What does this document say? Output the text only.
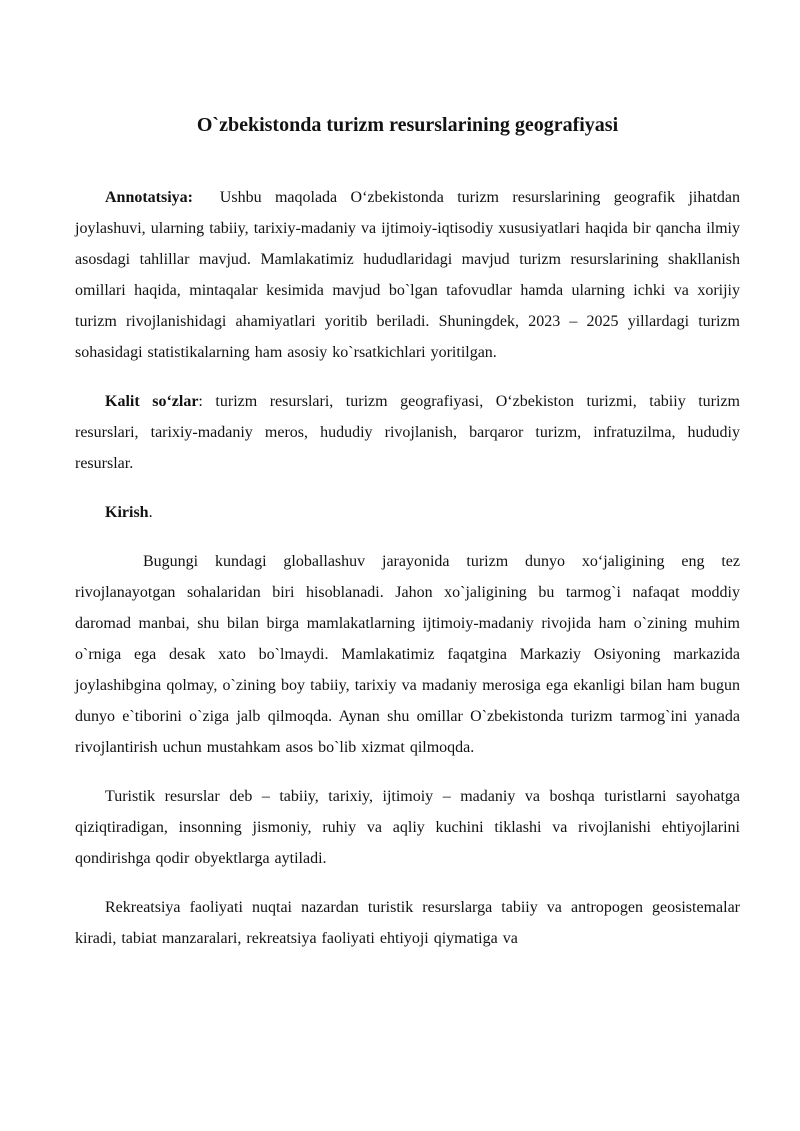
O`zbekistonda turizm resurslarining geografiyasi

Annotatsiya:  Ushbu maqolada Oʻzbekistonda turizm resurslarining geografik jihatdan joylashuvi, ularning tabiiy, tarixiy-madaniy va ijtimoiy-iqtisodiy xususiyatlari haqida bir qancha ilmiy asosdagi tahlillar mavjud. Mamlakatimiz hududlaridagi mavjud turizm resurslarining shakllanish omillari haqida, mintaqalar kesimida mavjud bo`lgan tafovudlar hamda ularning ichki va xorijiy turizm rivojlanishidagi ahamiyatlari yoritib beriladi. Shuningdek, 2023 – 2025 yillardagi turizm sohasidagi statistikalarning ham asosiy ko`rsatkichlari yoritilgan.

Kalit soʻzlar: turizm resurslari, turizm geografiyasi, Oʻzbekiston turizmi, tabiiy turizm resurslari, tarixiy-madaniy meros, hududiy rivojlanish, barqaror turizm, infratuzilma, hududiy resurslar.

Kirish.

Bugungi kundagi globallashuv jarayonida turizm dunyo xoʻjaligining eng tez rivojlanayotgan sohalaridan biri hisoblanadi. Jahon xo`jaligining bu tarmog`i nafaqat moddiy daromad manbai, shu bilan birga mamlakatlarning ijtimoiy-madaniy rivojida ham o`zining muhim o`rniga ega desak xato bo`lmaydi. Mamlakatimiz faqatgina Markaziy Osiyoning markazida joylashibgina qolmay, o`zining boy tabiiy, tarixiy va madaniy merosiga ega ekanligi bilan ham bugun dunyo e`tiborini o`ziga jalb qilmoqda. Aynan shu omillar O`zbekistonda turizm tarmog`ini yanada rivojlantirish uchun mustahkam asos bo`lib xizmat qilmoqda.

Turistik resurslar deb – tabiiy, tarixiy, ijtimoiy – madaniy va boshqa turistlarni sayohatga qiziqtiradigan, insonning jismoniy, ruhiy va aqliy kuchini tiklashi va rivojlanishi ehtiyojlarini qondirishga qodir obyektlarga aytiladi.

Rekreatsiya faoliyati nuqtai nazardan turistik resurslarga tabiiy va antropogen geosistemalar kiradi, tabiat manzaralari, rekreatsiya faoliyati ehtiyoji qiymatiga va
